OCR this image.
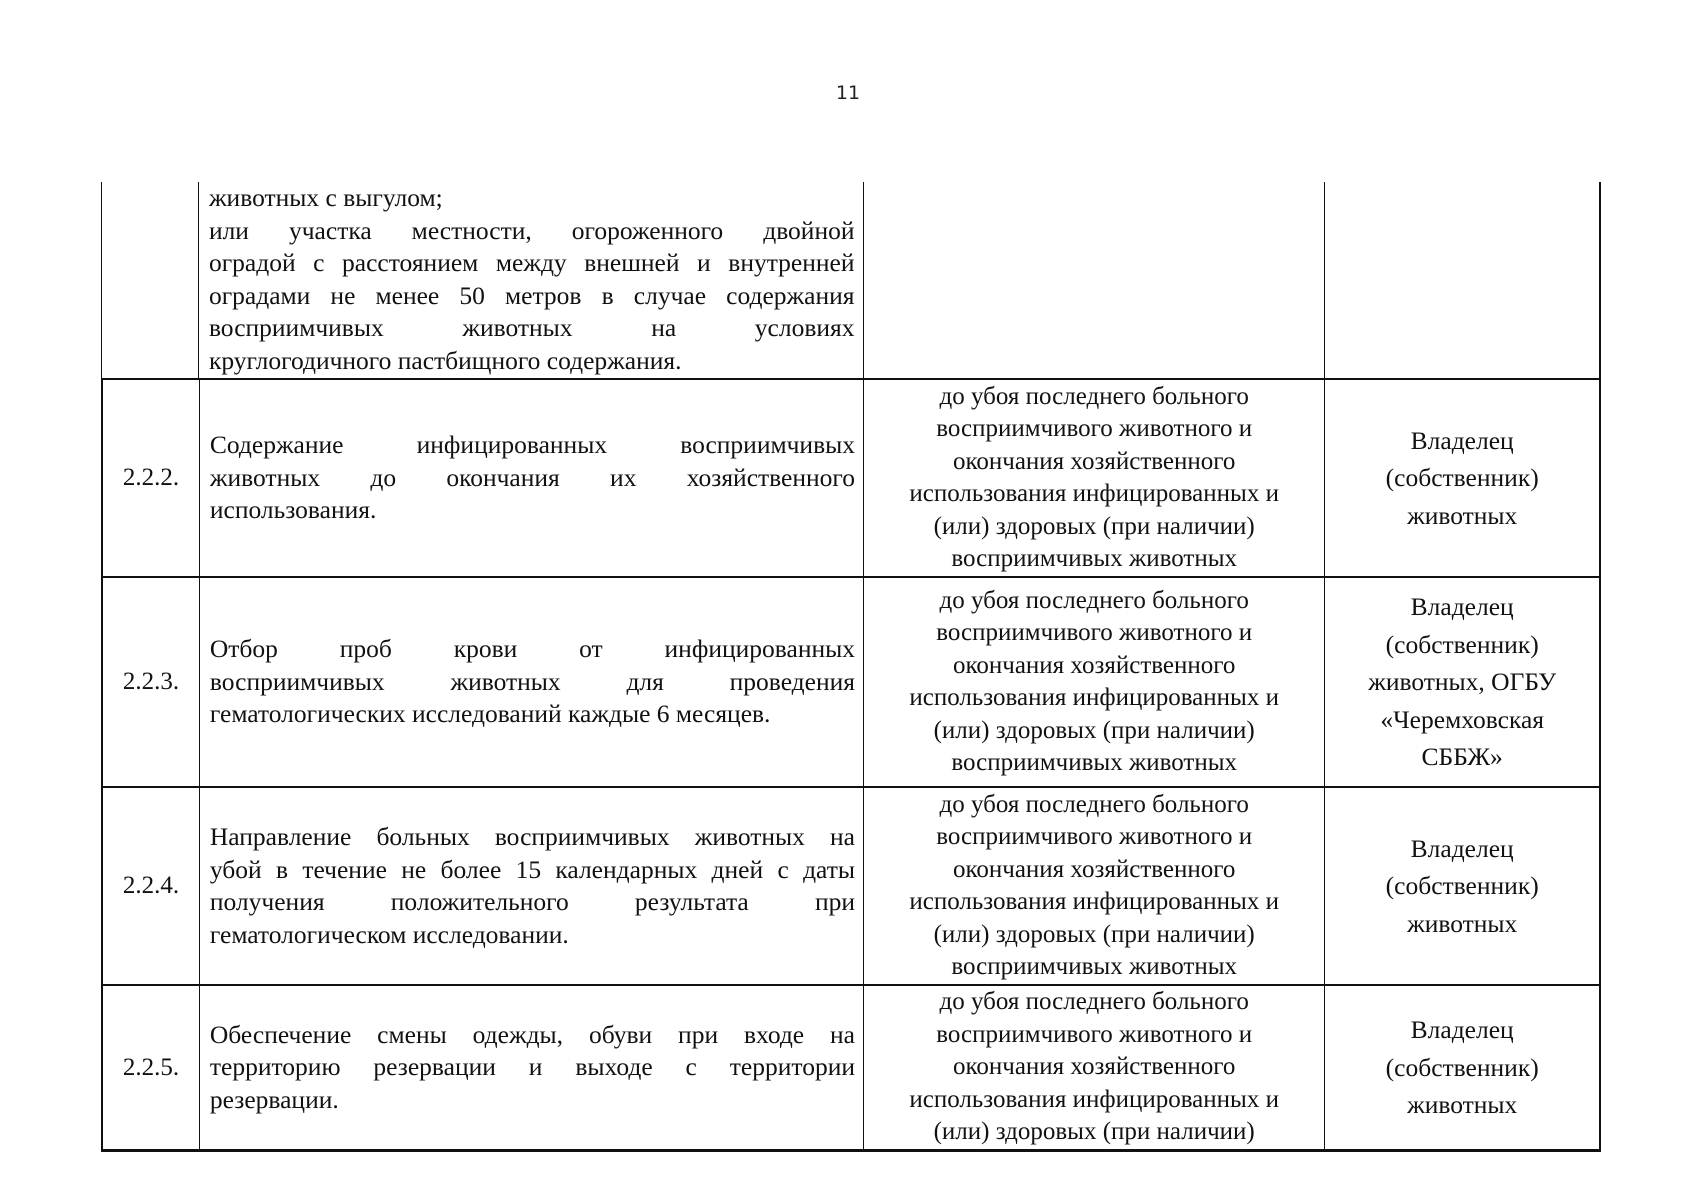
11
животных с выгулом;
или участка местности, огороженного двойной
оградой с расстоянием между внешней и внутренней
оградами не менее 50 метров в случае содержания
восприимчивых животных на условиях
круглогодичного пастбищного содержания.
2.2.2.
Содержание инфицированных восприимчивых
животных до окончания их хозяйственного
использования.
до убоя последнего больного
восприимчивого животного и
окончания хозяйственного
использования инфицированных и
(или) здоровых (при наличии)
восприимчивых животных
Владелец
(собственник)
животных
2.2.3.
Отбор проб крови от инфицированных
восприимчивых животных для проведения
гематологических исследований каждые 6 месяцев.
до убоя последнего больного
восприимчивого животного и
окончания хозяйственного
использования инфицированных и
(или) здоровых (при наличии)
восприимчивых животных
Владелец
(собственник)
животных, ОГБУ
«Черемховская
СББЖ»
2.2.4.
Направление больных восприимчивых животных на
убой в течение не более 15 календарных дней с даты
получения положительного результата при
гематологическом исследовании.
до убоя последнего больного
восприимчивого животного и
окончания хозяйственного
использования инфицированных и
(или) здоровых (при наличии)
восприимчивых животных
Владелец
(собственник)
животных
2.2.5.
Обеспечение смены одежды, обуви при входе на
территорию резервации и выходе с территории
резервации.
до убоя последнего больного
восприимчивого животного и
окончания хозяйственного
использования инфицированных и
(или) здоровых (при наличии)
Владелец
(собственник)
животных
